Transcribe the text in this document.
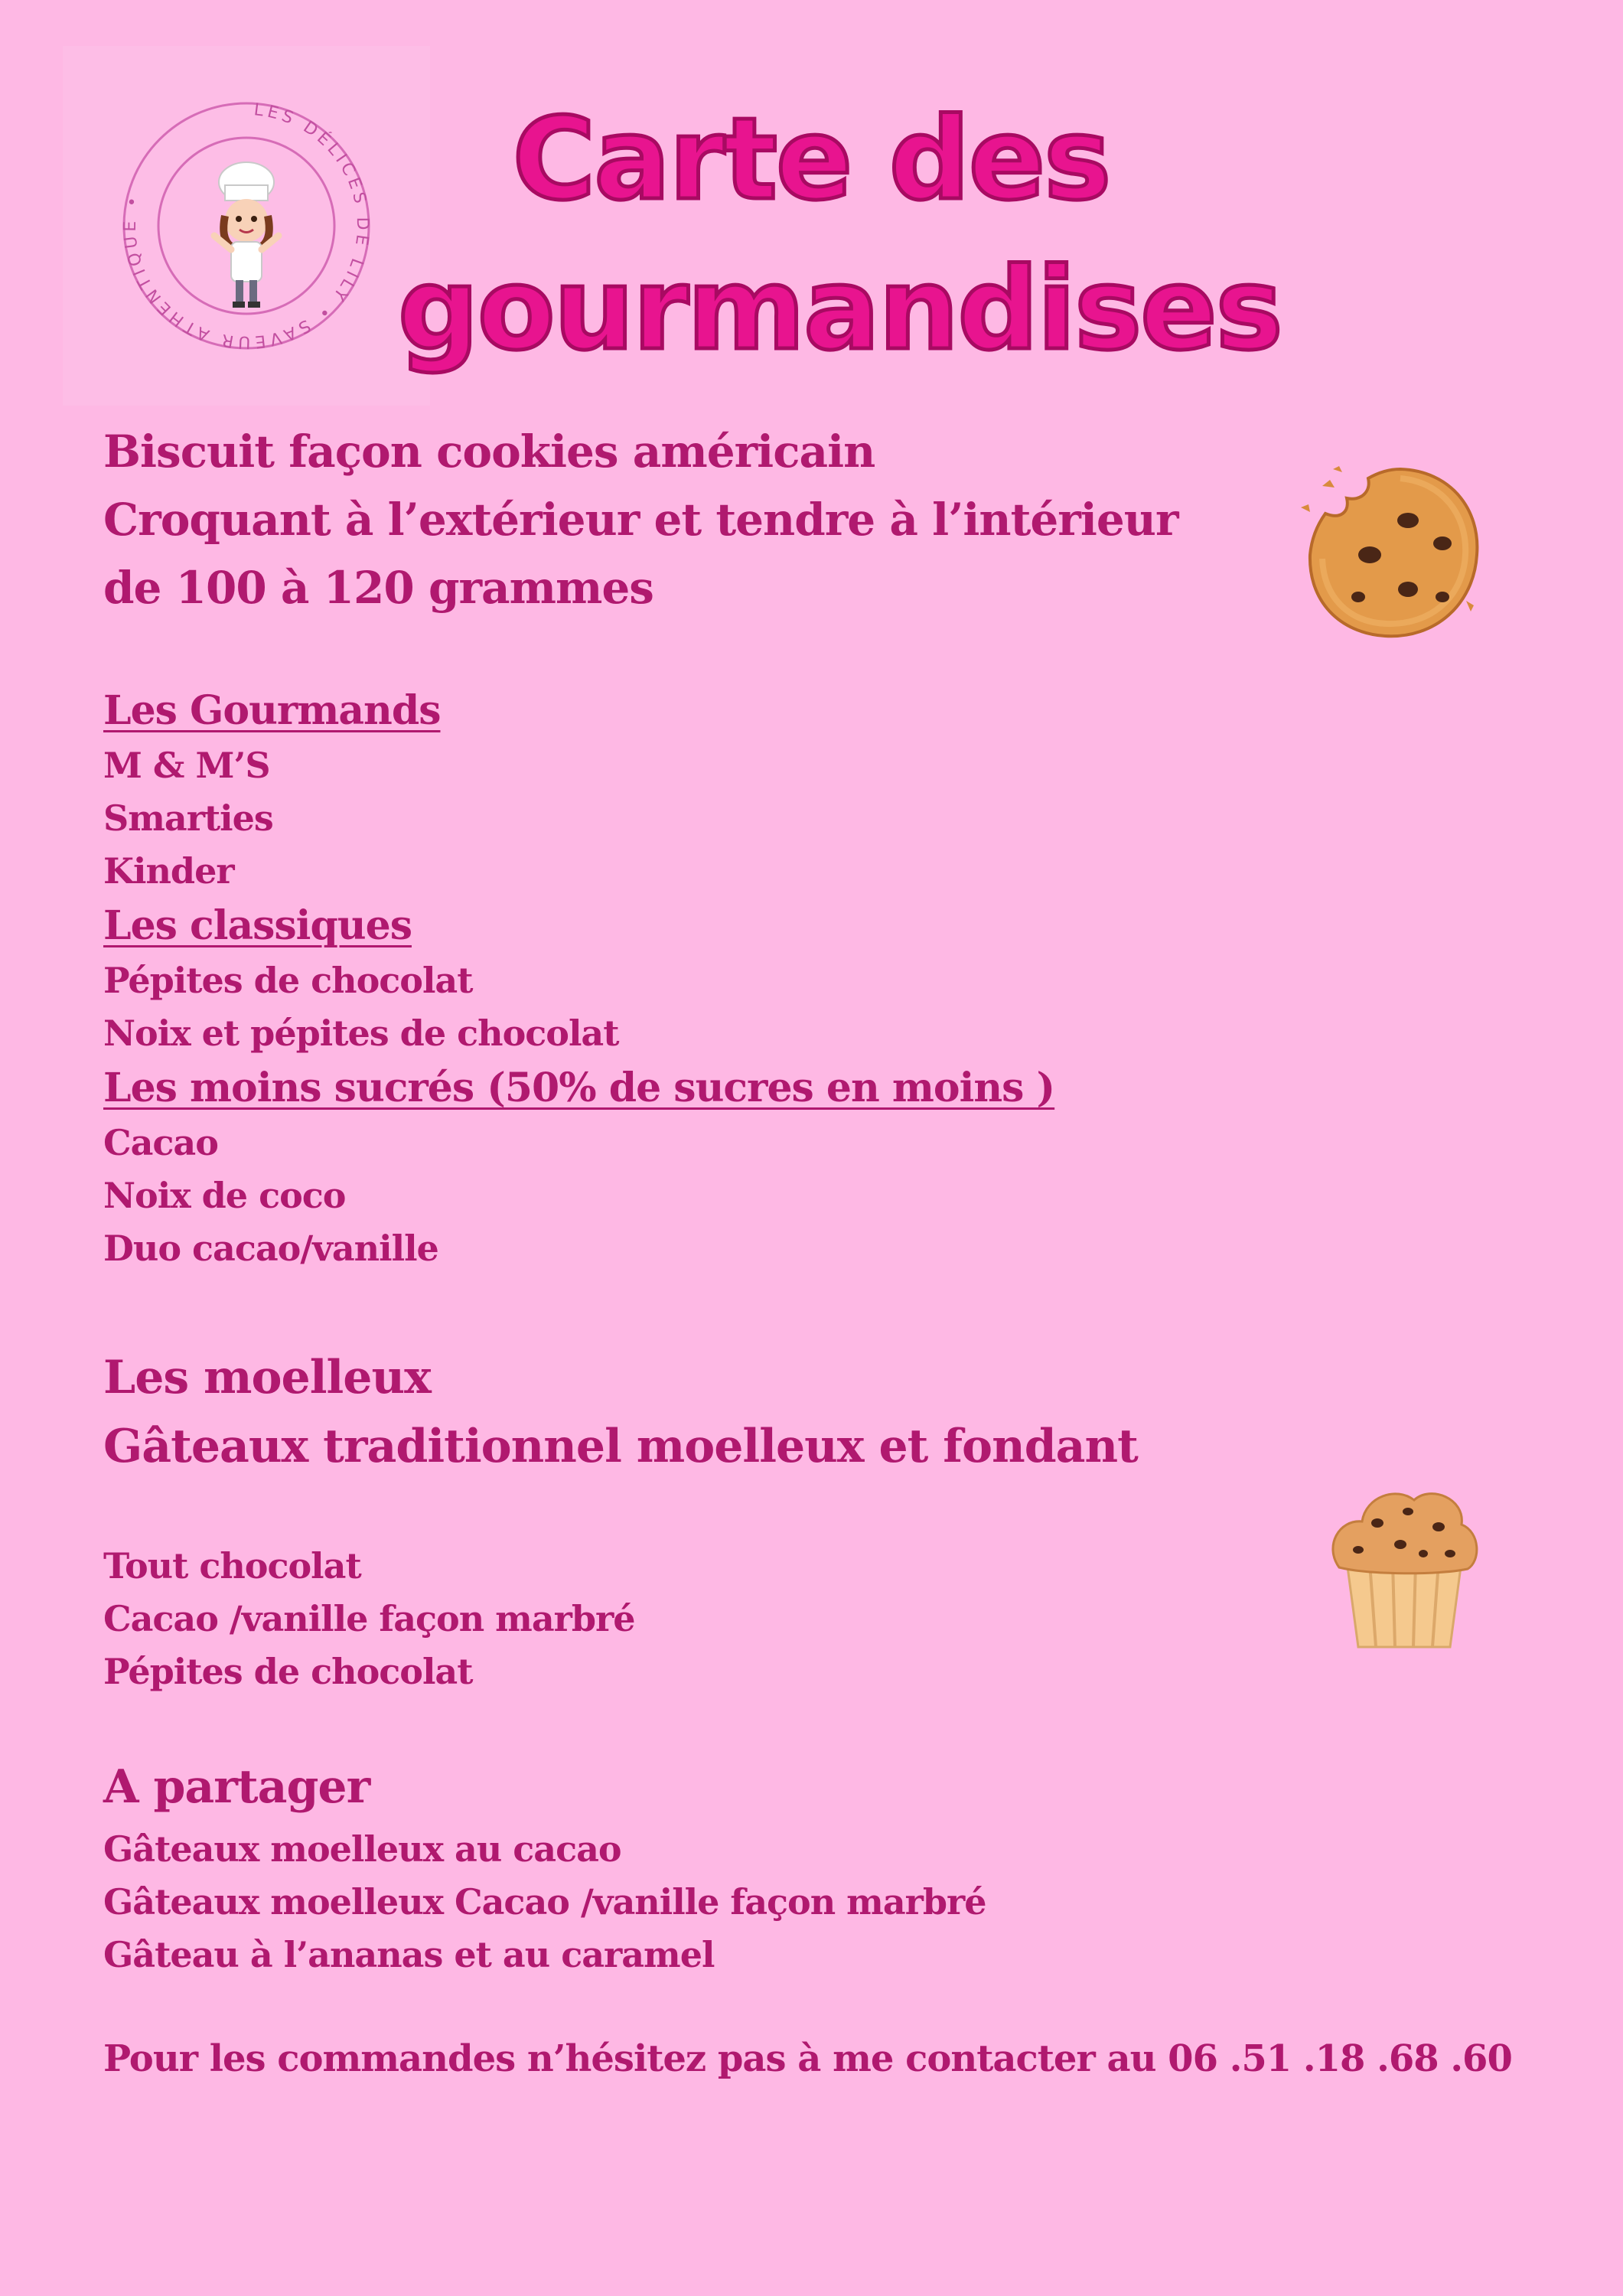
LES DÉLICES DE LILY • SAVEUR ATHENTIQUE •	Carte des
gourmandises
Biscuit façon cookies américain
Croquant à l’extérieur et tendre à l’intérieur
de 100 à 120 grammes
Les Gourmands
M & M’S
Smarties
Kinder
Les classiques
Pépites de chocolat
Noix et pépites de chocolat
Les moins sucrés (50% de sucres en moins )
Cacao
Noix de coco
Duo cacao/vanille
Les moelleux
Gâteaux traditionnel moelleux et fondant
Tout chocolat
Cacao /vanille façon marbré
Pépites de chocolat
A partager
Gâteaux moelleux au cacao
Gâteaux moelleux Cacao /vanille façon marbré
Gâteau à l’ananas et au caramel
Pour les commandes n’hésitez pas à me contacter au 06 .51 .18 .68 .60
